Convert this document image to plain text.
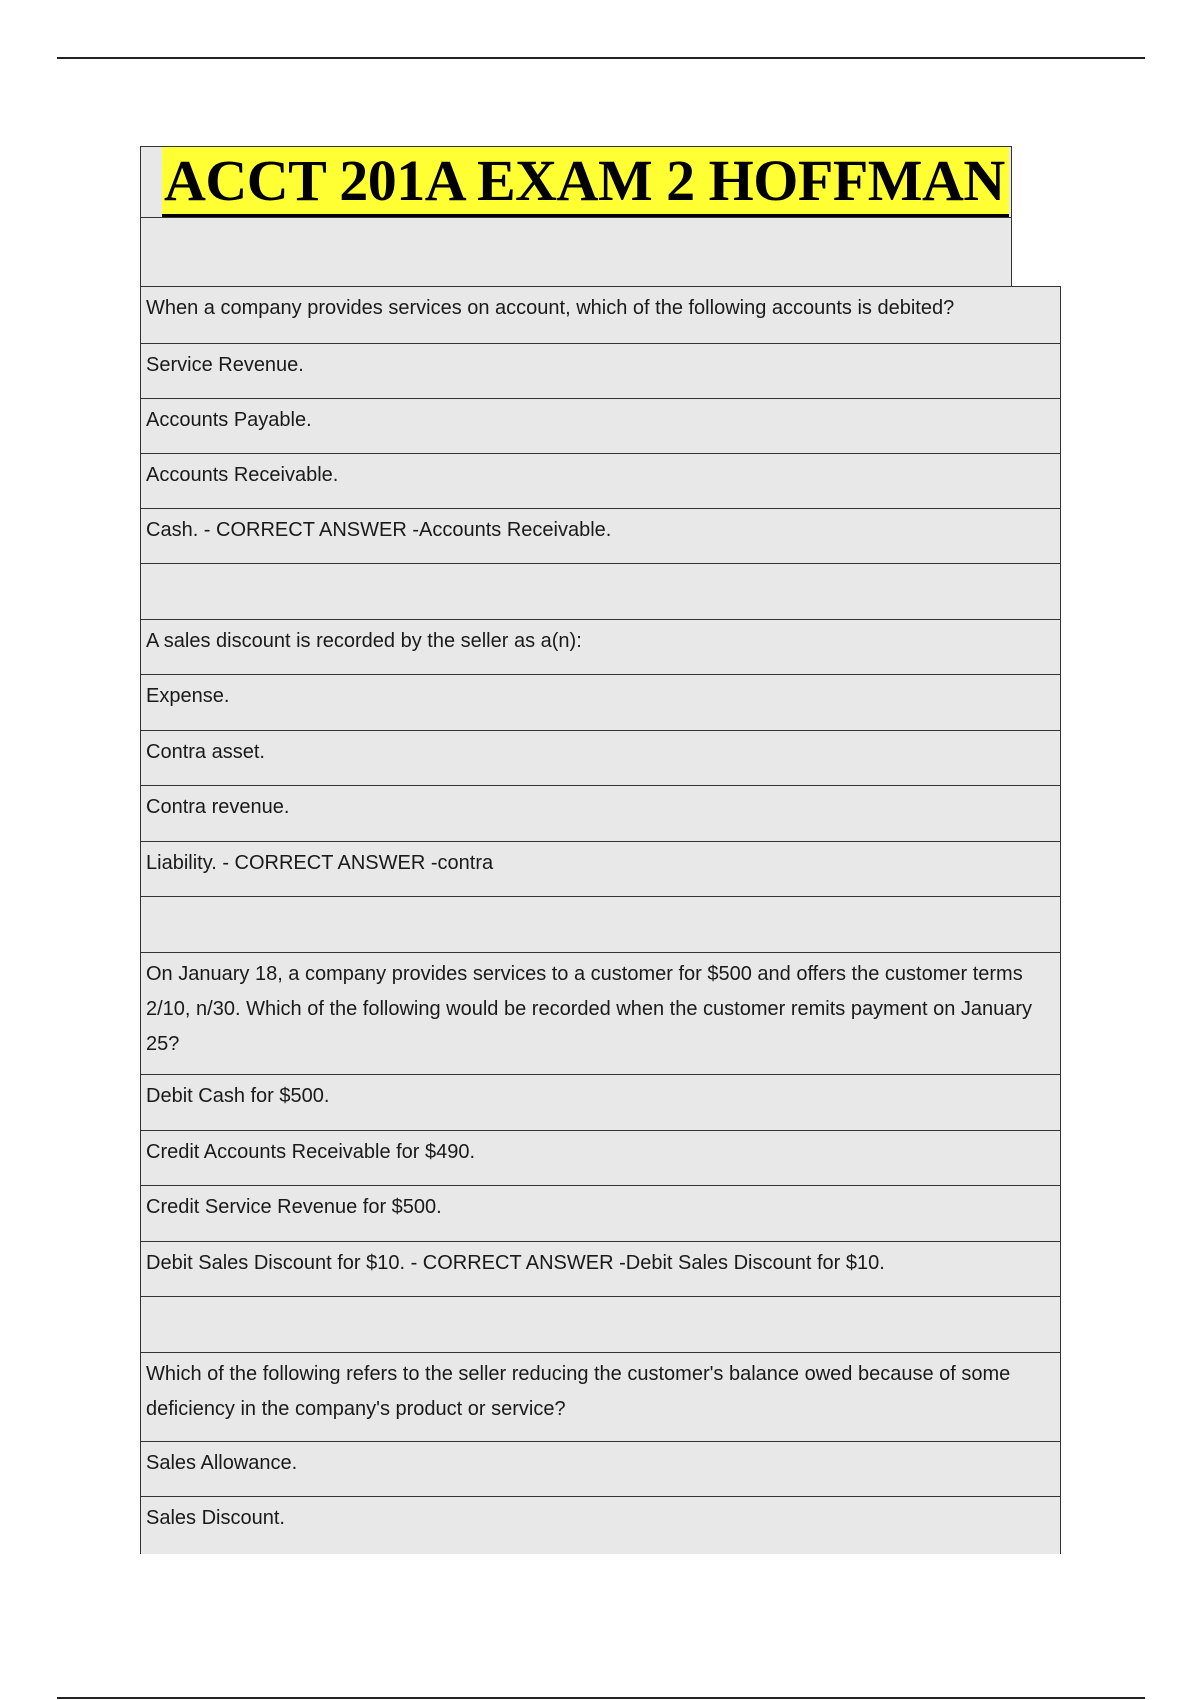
ACCT 201A EXAM 2 HOFFMAN
When a company provides services on account, which of the following accounts is debited?
Service Revenue.
Accounts Payable.
Accounts Receivable.
Cash. - CORRECT ANSWER -Accounts Receivable.
A sales discount is recorded by the seller as a(n):
Expense.
Contra asset.
Contra revenue.
Liability. - CORRECT ANSWER -contra
On January 18, a company provides services to a customer for $500 and offers the customer terms 2/10, n/30. Which of the following would be recorded when the customer remits payment on January 25?
Debit Cash for $500.
Credit Accounts Receivable for $490.
Credit Service Revenue for $500.
Debit Sales Discount for $10. - CORRECT ANSWER -Debit Sales Discount for $10.
Which of the following refers to the seller reducing the customer's balance owed because of some deficiency in the company's product or service?
Sales Allowance.
Sales Discount.
